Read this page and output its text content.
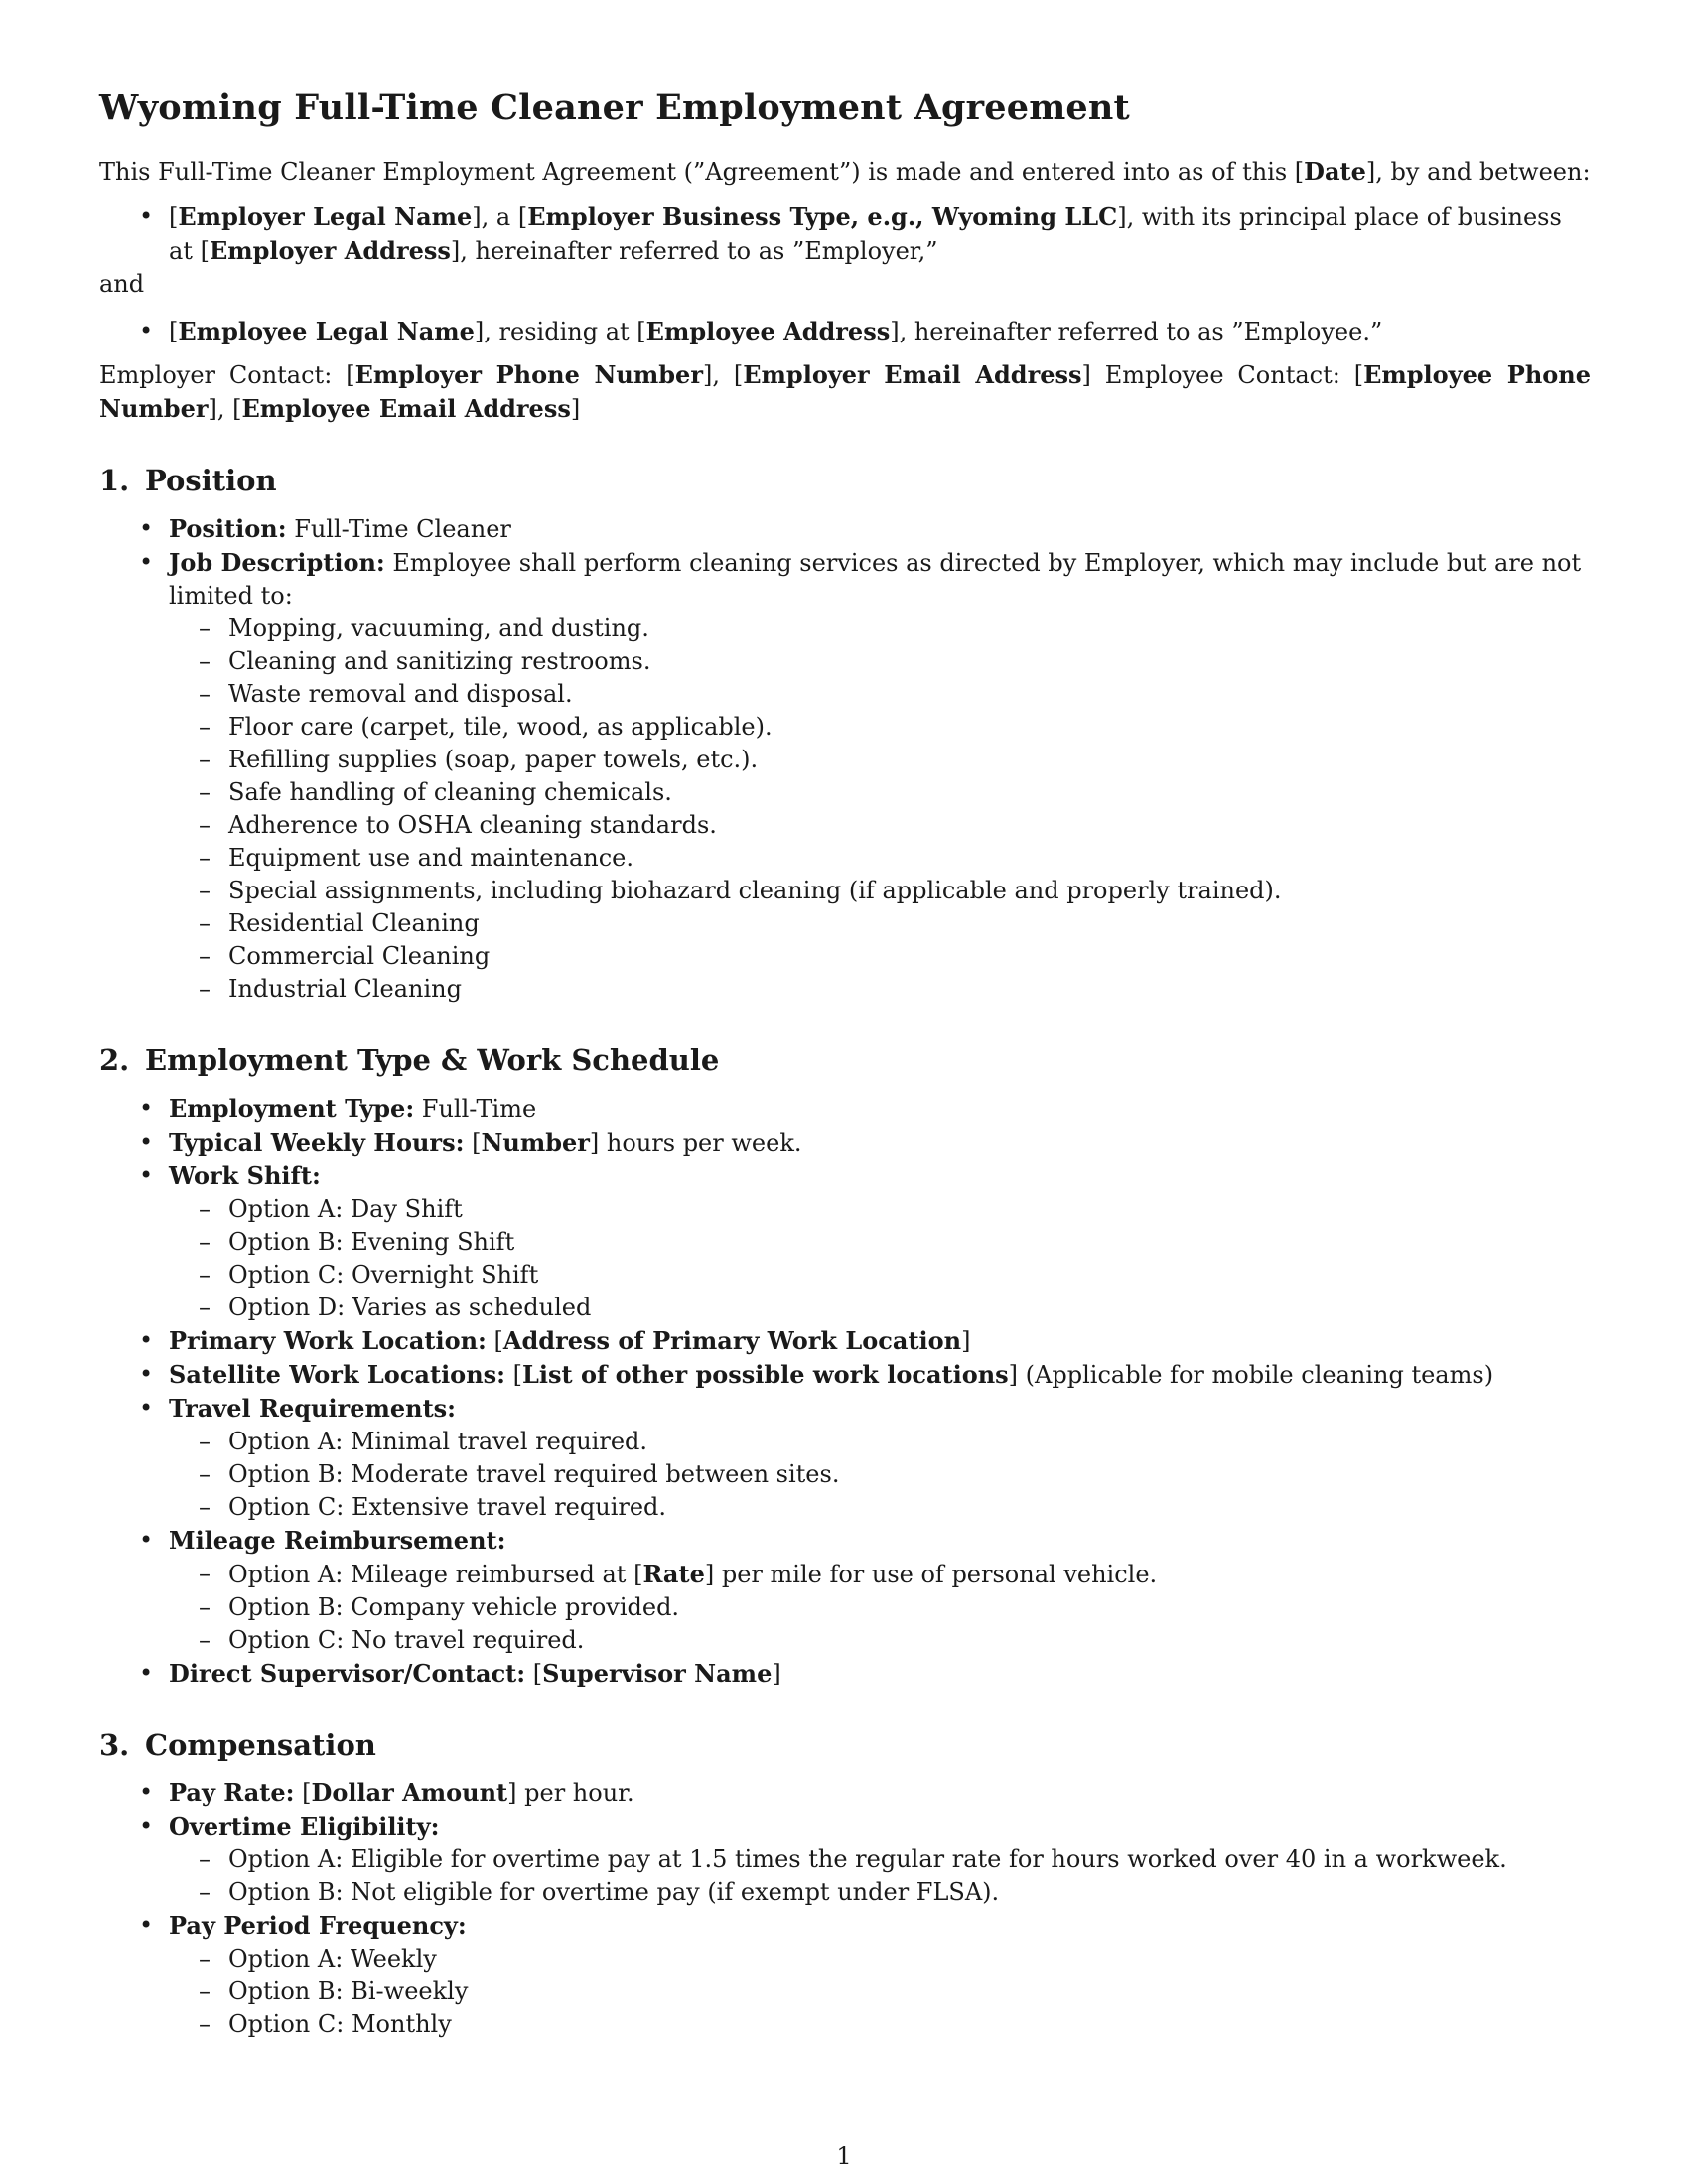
Wyoming Full-Time Cleaner Employment Agreement

This Full-Time Cleaner Employment Agreement (”Agreement”) is made and entered into as of this [Date], by and between:

• [Employer Legal Name], a [Employer Business Type, e.g., Wyoming LLC], with its principal place of business at [Employer Address], hereinafter referred to as ”Employer,”

and

• [Employee Legal Name], residing at [Employee Address], hereinafter referred to as ”Employee.”

Employer Contact: [Employer Phone Number], [Employer Email Address] Employee Contact: [Employee Phone Number], [Employee Email Address]

1. Position
• Position: Full-Time Cleaner
• Job Description: Employee shall perform cleaning services as directed by Employer, which may include but are not limited to:
– Mopping, vacuuming, and dusting.
– Cleaning and sanitizing restrooms.
– Waste removal and disposal.
– Floor care (carpet, tile, wood, as applicable).
– Refilling supplies (soap, paper towels, etc.).
– Safe handling of cleaning chemicals.
– Adherence to OSHA cleaning standards.
– Equipment use and maintenance.
– Special assignments, including biohazard cleaning (if applicable and properly trained).
– Residential Cleaning
– Commercial Cleaning
– Industrial Cleaning
2. Employment Type & Work Schedule
• Employment Type: Full-Time
• Typical Weekly Hours: [Number] hours per week.
• Work Shift:
– Option A: Day Shift
– Option B: Evening Shift
– Option C: Overnight Shift
– Option D: Varies as scheduled
• Primary Work Location: [Address of Primary Work Location]
• Satellite Work Locations: [List of other possible work locations] (Applicable for mobile cleaning teams)
• Travel Requirements:
– Option A: Minimal travel required.
– Option B: Moderate travel required between sites.
– Option C: Extensive travel required.
• Mileage Reimbursement:
– Option A: Mileage reimbursed at [Rate] per mile for use of personal vehicle.
– Option B: Company vehicle provided.
– Option C: No travel required.
• Direct Supervisor/Contact: [Supervisor Name]
3. Compensation
• Pay Rate: [Dollar Amount] per hour.
• Overtime Eligibility:
– Option A: Eligible for overtime pay at 1.5 times the regular rate for hours worked over 40 in a workweek.
– Option B: Not eligible for overtime pay (if exempt under FLSA).
• Pay Period Frequency:
– Option A: Weekly
– Option B: Bi-weekly
– Option C: Monthly
1
